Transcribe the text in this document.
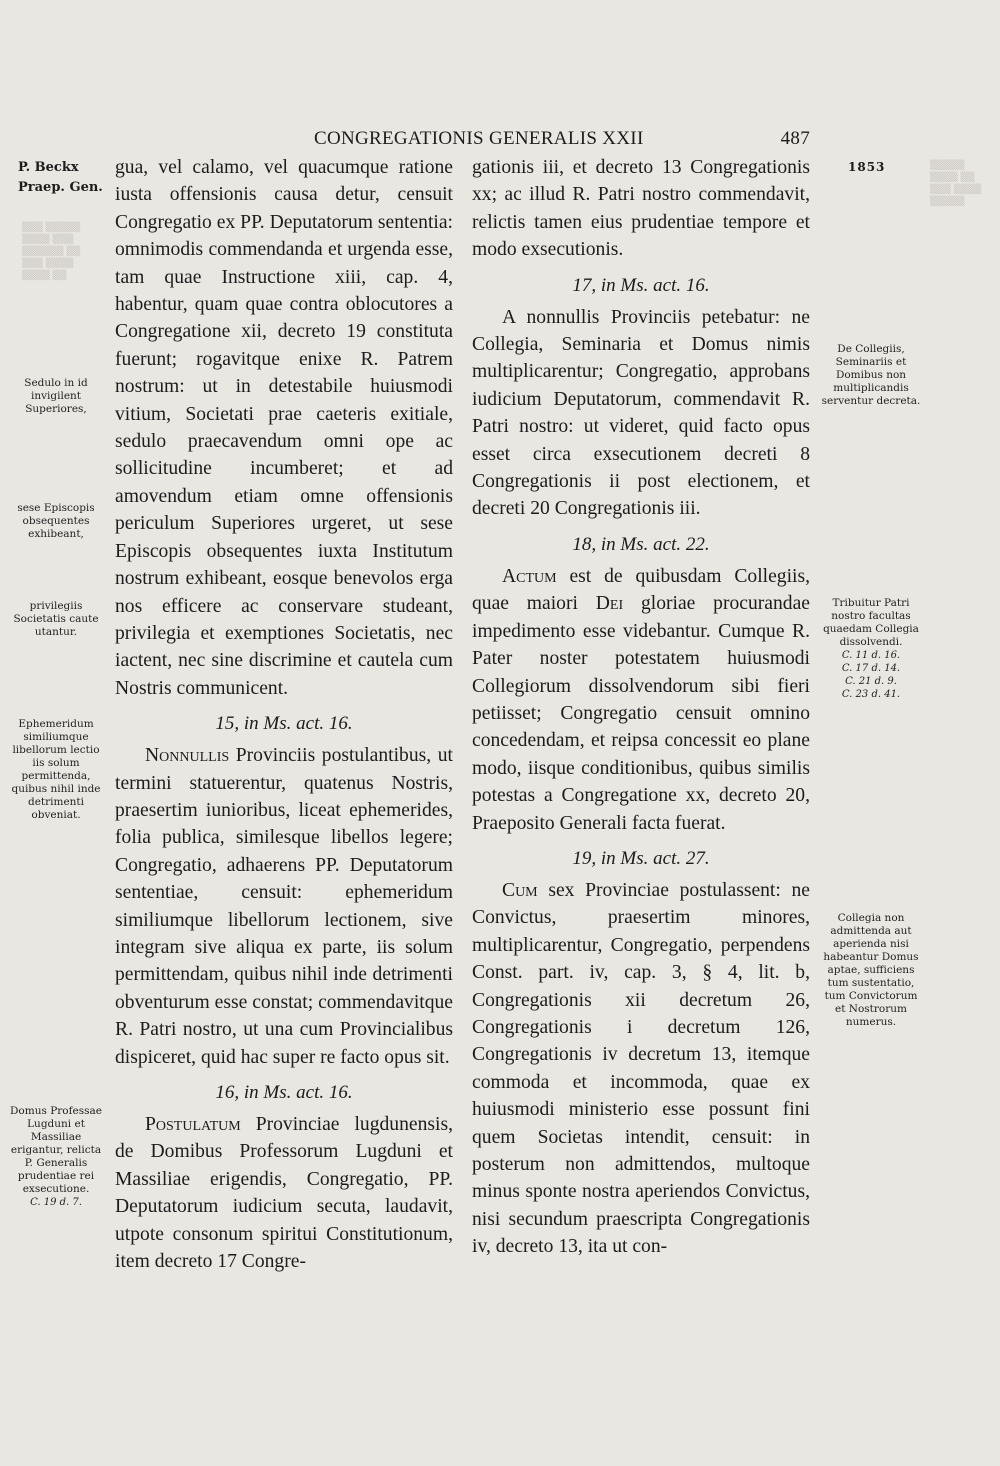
CONGREGATIONIS GENERALIS XXII	487
P. Beckx
Praep. Gen.
1853
▒▒▒ ▒▒▒▒▒
▒▒▒▒ ▒▒▒
▒▒▒▒▒▒ ▒▒
▒▒▒ ▒▒▒▒
▒▒▒▒ ▒▒
▒▒▒▒▒
▒▒▒▒ ▒▒
▒▒▒ ▒▒▒▒
▒▒▒▒▒

gua, vel calamo, vel quacumque ratione iusta offensionis causa detur, censuit Congregatio ex PP. Deputatorum sententia: omnimodis commendanda et urgenda esse, tam quae Instructione xiii, cap. 4, habentur, quam quae contra oblocutores a Congregatione xii, decreto 19 constituta fuerunt; rogavitque enixe R. Patrem nostrum: ut in detestabile huiusmodi vitium, Societati prae caeteris exitiale, sedulo praecavendum omni ope ac sollicitudine incumberet; et ad amovendum etiam omne offensionis periculum Superiores urgeret, ut sese Episcopis obsequentes iuxta Institutum nostrum exhibeant, eosque benevolos erga nos efficere ac conservare studeant, privilegia et exemptiones Societatis, nec iactent, nec sine discrimine et cautela cum Nostris communicent.

15, in Ms. act. 16.

Nonnullis Provinciis postulantibus, ut termini statuerentur, quatenus Nostris, praesertim iunioribus, liceat ephemerides, folia publica, similesque libellos legere; Congregatio, adhaerens PP. Deputatorum sententiae, censuit: ephemeridum similiumque libellorum lectionem, sive integram sive aliqua ex parte, iis solum permittendam, quibus nihil inde detrimenti obventurum esse constat; commendavitque R. Patri nostro, ut una cum Provincialibus dispiceret, quid hac super re facto opus sit.

16, in Ms. act. 16.

Postulatum Provinciae lugdunensis, de Domibus Professorum Lugduni et Massiliae erigendis, Congregatio, PP. Deputatorum iudicium secuta, laudavit, utpote consonum spiritui Constitutionum, item decreto 17 Congre-

gationis iii, et decreto 13 Congregationis xx; ac illud R. Patri nostro commendavit, relictis tamen eius prudentiae tempore et modo exsecutionis.

17, in Ms. act. 16.

A nonnullis Provinciis petebatur: ne Collegia, Seminaria et Domus nimis multiplicarentur; Congregatio, approbans iudicium Deputatorum, commendavit R. Patri nostro: ut videret, quid facto opus esset circa exsecutionem decreti 8 Congregationis ii post electionem, et decreti 20 Congregationis iii.

18, in Ms. act. 22.

Actum est de quibusdam Collegiis, quae maiori Dei gloriae procurandae impedimento esse videbantur. Cumque R. Pater noster potestatem huiusmodi Collegiorum dissolvendorum sibi fieri petiisset; Congregatio censuit omnino concedendam, et reipsa concessit eo plane modo, iisque conditionibus, quibus similis potestas a Congregatione xx, decreto 20, Praeposito Generali facta fuerat.

19, in Ms. act. 27.

Cum sex Provinciae postulassent: ne Convictus, praesertim minores, multiplicarentur, Congregatio, perpendens Const. part. iv, cap. 3, § 4, lit. b, Congregationis xii decretum 26, Congregationis i decretum 126, Congregationis iv decretum 13, itemque commoda et incommoda, quae ex huiusmodi ministerio esse possunt fini quem Societas intendit, censuit: in posterum non admittendos, multoque minus sponte nostra aperiendos Convictus, nisi secundum praescripta Congregationis iv, decreto 13, ita ut con-

Sedulo in id invigilent Superiores,
sese Episcopis obsequentes exhibeant,
privilegiis Societatis caute utantur.
Ephemeridum similiumque libellorum lectio iis solum permittenda, quibus nihil inde detrimenti obveniat.
Domus Professae Lugduni et Massiliae erigantur, relicta P. Generalis prudentiae rei exsecutione.
C. 19 d. 7.
De Collegiis, Seminariis et Domibus non multiplicandis serventur decreta.
Tribuitur Patri nostro facultas quaedam Collegia dissolvendi.
C. 11 d. 16.
C. 17 d. 14.
C. 21 d. 9.
C. 23 d. 41.
Collegia non admittenda aut aperienda nisi habeantur Domus aptae, sufficiens tum sustentatio, tum Convictorum et Nostrorum numerus.
